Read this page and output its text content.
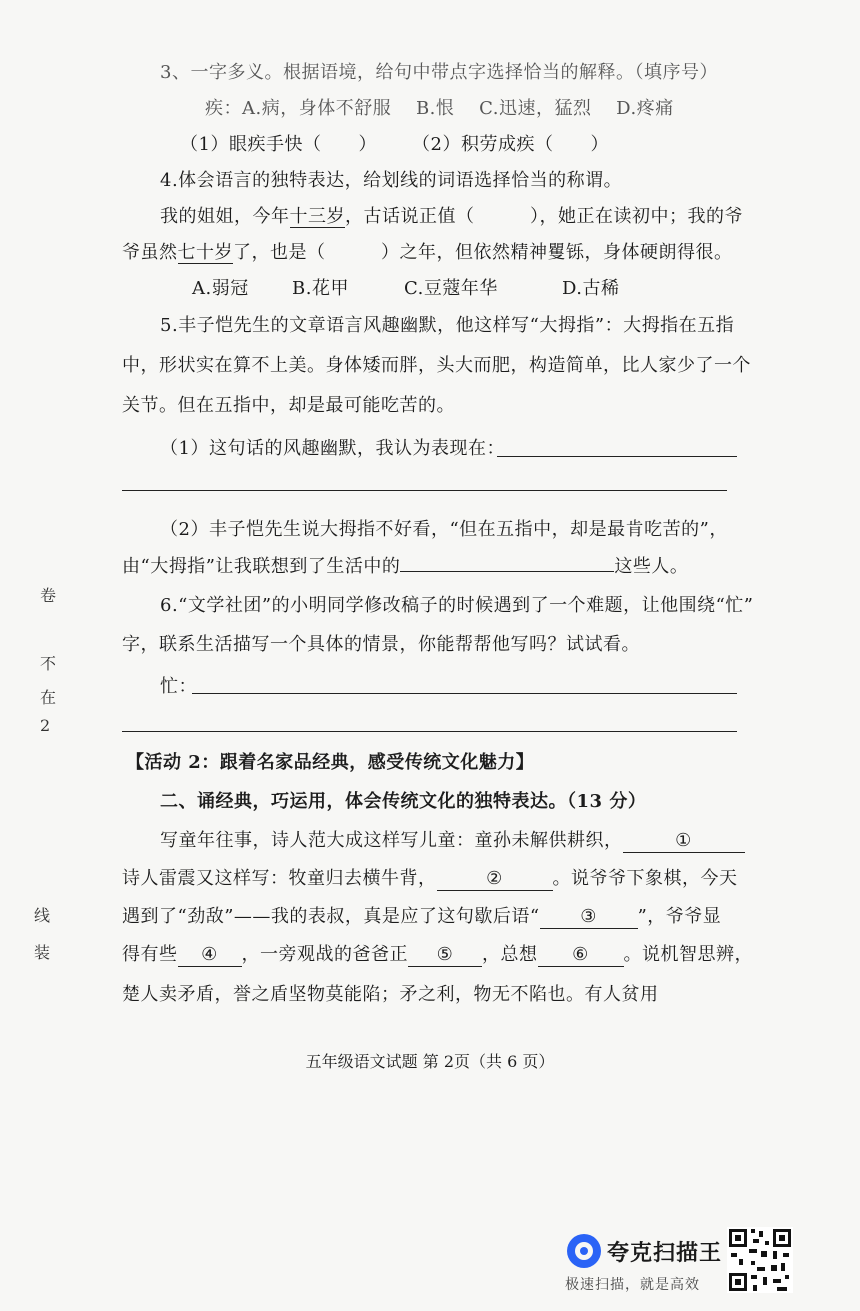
3、一字多义。根据语境，给句中带点字选择恰当的解释。（填序号）
疾：A.病，身体不舒服　 B.恨　 C.迅速，猛烈　 D.疼痛
（1）眼疾手快（　　） （2）积劳成疾（　　）
4.体会语言的独特表达，给划线的词语选择恰当的称谓。
我的姐姐，今年十三岁，古话说正值（　　　），她正在读初中；我的爷
爷虽然七十岁了，也是（　　　）之年，但依然精神矍铄，身体硬朗得很。
A.弱冠 B.花甲	C.豆蔻年华	D.古稀
5.丰子恺先生的文章语言风趣幽默，他这样写“大拇指”：大拇指在五指
中，形状实在算不上美。身体矮而胖，头大而肥，构造简单，比人家少了一个
关节。但在五指中，却是最可能吃苦的。
（1）这句话的风趣幽默，我认为表现在：
（2）丰子恺先生说大拇指不好看，“但在五指中，却是最肯吃苦的”，
由“大拇指”让我联想到了生活中的	这些人。
6.“文学社团”的小明同学修改稿子的时候遇到了一个难题，让他围绕“忙”
字，联系生活描写一个具体的情景，你能帮帮他写吗？试试看。
忙：
【活动 2：跟着名家品经典，感受传统文化魅力】
二、诵经典，巧运用，体会传统文化的独特表达。（13 分）
写童年往事，诗人范大成这样写儿童：童孙未解供耕织，	①
诗人雷震又这样写：牧童归去横牛背，	②	。说爷爷下象棋，今天
遇到了“劲敌”——我的表叔，真是应了这句歇后语“ ③ ”，爷爷显
得有些 ④ ，一旁观战的爸爸正 ⑤ ，总想 ⑥ 。说机智思辨，
楚人卖矛盾，誉之盾坚物莫能陷；矛之利，物无不陷也。有人贫用
卷
不
在
2
线
装
五年级语文试题 第 2页（共 6 页）
夸克扫描王
极速扫描，就是高效
